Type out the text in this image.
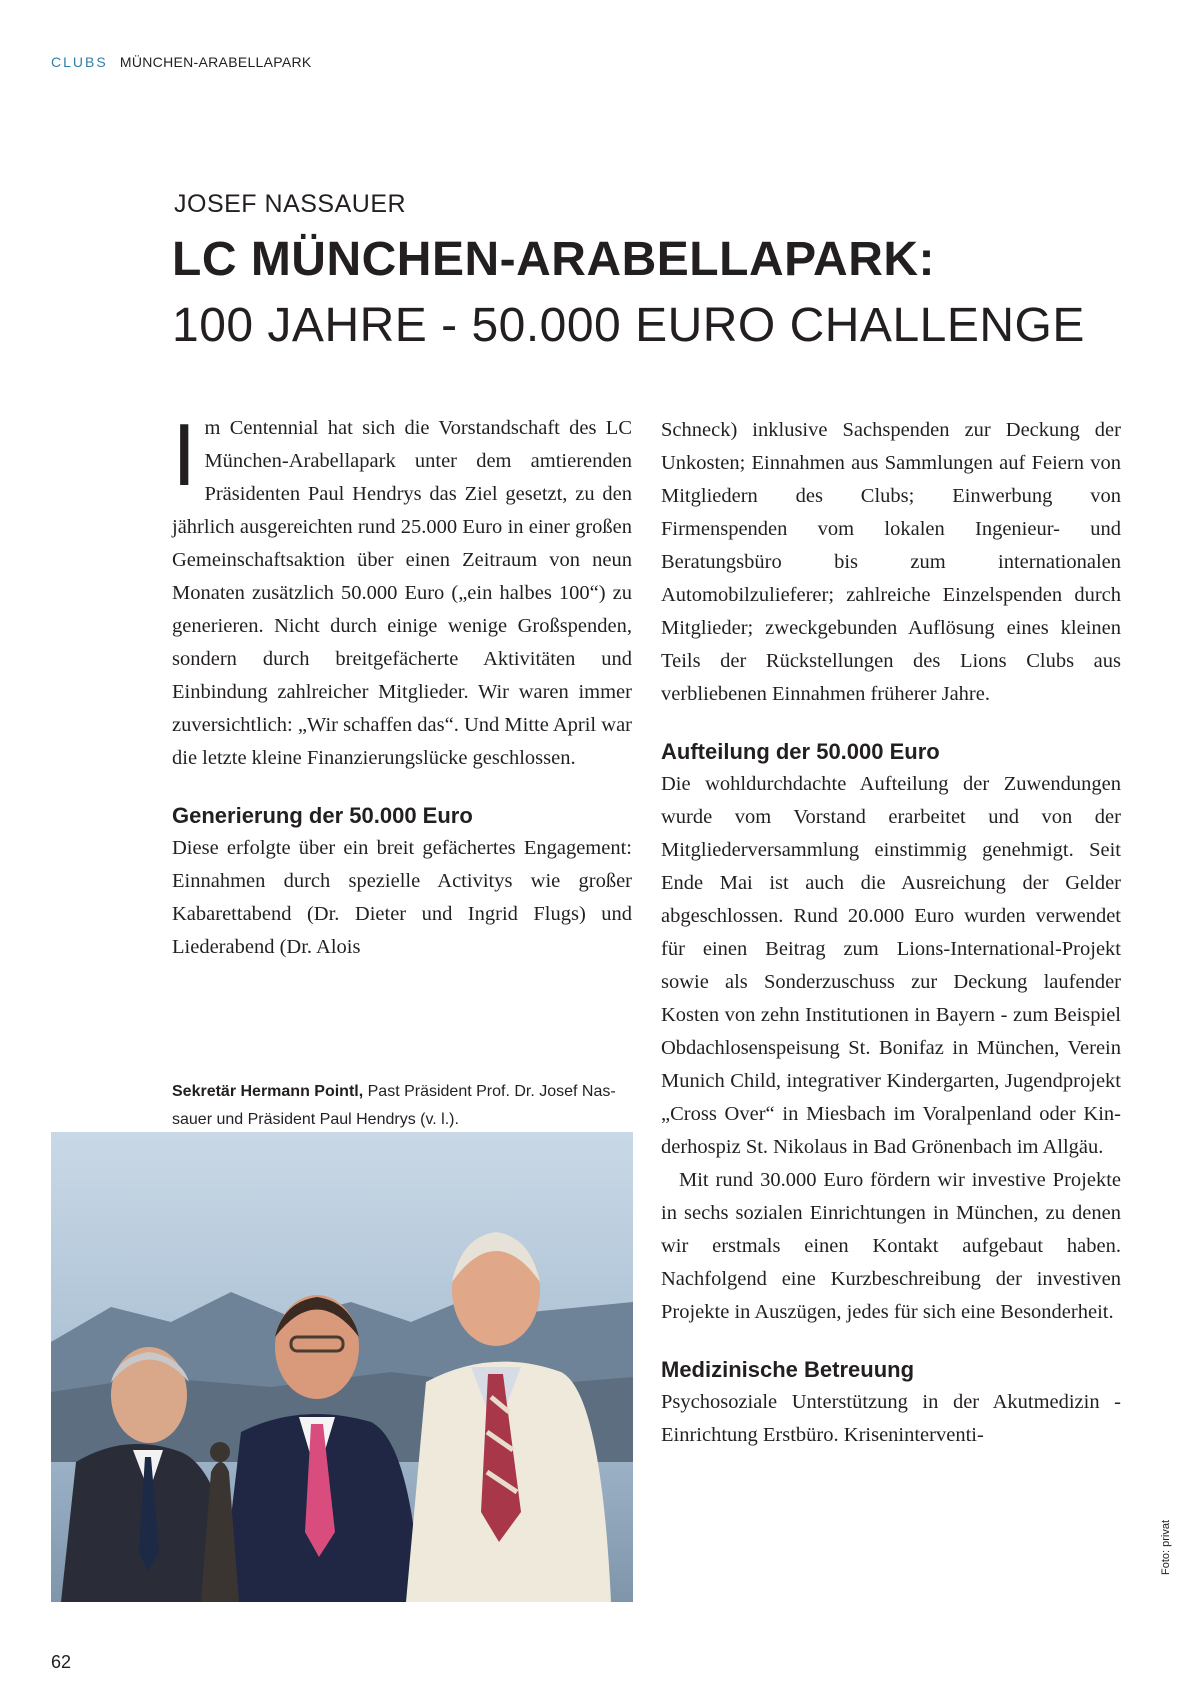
CLUBS MÜNCHEN-ARABELLAPARK
JOSEF NASSAUER
LC MÜNCHEN-ARABELLAPARK:
100 JAHRE - 50.000 EURO CHALLENGE

Im Centennial hat sich die Vorstandschaft des LC München-Arabellapark unter dem amtierenden Präsidenten Paul Hendrys das Ziel gesetzt, zu den jährlich ausgereichten rund 25.000 Euro in einer großen Gemeinschaftsaktion über einen Zeitraum von neun Monaten zusätzlich 50.000 Euro („ein halbes 100“) zu generieren. Nicht durch einige wenige Großspenden, sondern durch breitgefächerte Aktivitäten und Einbindung zahlreicher Mitglieder. Wir waren immer zuversichtlich: „Wir schaffen das“. Und Mitte April war die letzte kleine Finanzierungslücke geschlossen.

Generierung der 50.000 Euro

Diese erfolgte über ein breit gefächertes Engagement: Einnahmen durch spezielle Activitys wie großer Kabarettabend (Dr. Dieter und Ingrid Flugs) und Liederabend (Dr. Alois

Sekretär Hermann Pointl, Past Präsident Prof. Dr. Josef Nassauer und Präsident Paul Hendrys (v. l.).

Schneck) inklusive Sachspenden zur Deckung der Unkosten; Einnahmen aus Sammlungen auf Feiern von Mitgliedern des Clubs; Einwerbung von Firmenspenden vom lokalen Ingenieur- und Beratungsbüro bis zum internationalen Automobilzulieferer; zahlreiche Einzelspenden durch Mitglieder; zweckgebunden Auflösung eines kleinen Teils der Rückstellungen des Lions Clubs aus verbliebenen Einnahmen früherer Jahre.

Aufteilung der 50.000 Euro

Die wohldurchdachte Aufteilung der Zuwendungen wurde vom Vorstand erarbeitet und von der Mitgliederversammlung einstimmig genehmigt. Seit Ende Mai ist auch die Ausreichung der Gelder abgeschlossen. Rund 20.000 Euro wurden verwendet für einen Beitrag zum Lions-International-Projekt sowie als Sonderzuschuss zur Deckung laufender Kosten von zehn Institutionen in Bayern - zum Beispiel Obdachlosenspeisung St. Bonifaz in München, Verein Munich Child, integrativer Kindergarten, Jugendprojekt „Cross Over“ in Miesbach im Voralpenland oder Kinderhospiz St. Nikolaus in Bad Grönenbach im Allgäu.

Mit rund 30.000 Euro fördern wir investive Projekte in sechs sozialen Einrichtungen in München, zu denen wir erstmals einen Kontakt aufgebaut haben. Nachfolgend eine Kurzbeschreibung der investiven Projekte in Auszügen, jedes für sich eine Besonderheit.

Medizinische Betreuung

Psychosoziale Unterstützung in der Akutmedizin - Einrichtung Erstbüro. Kriseninterventi-

Foto: privat
62
